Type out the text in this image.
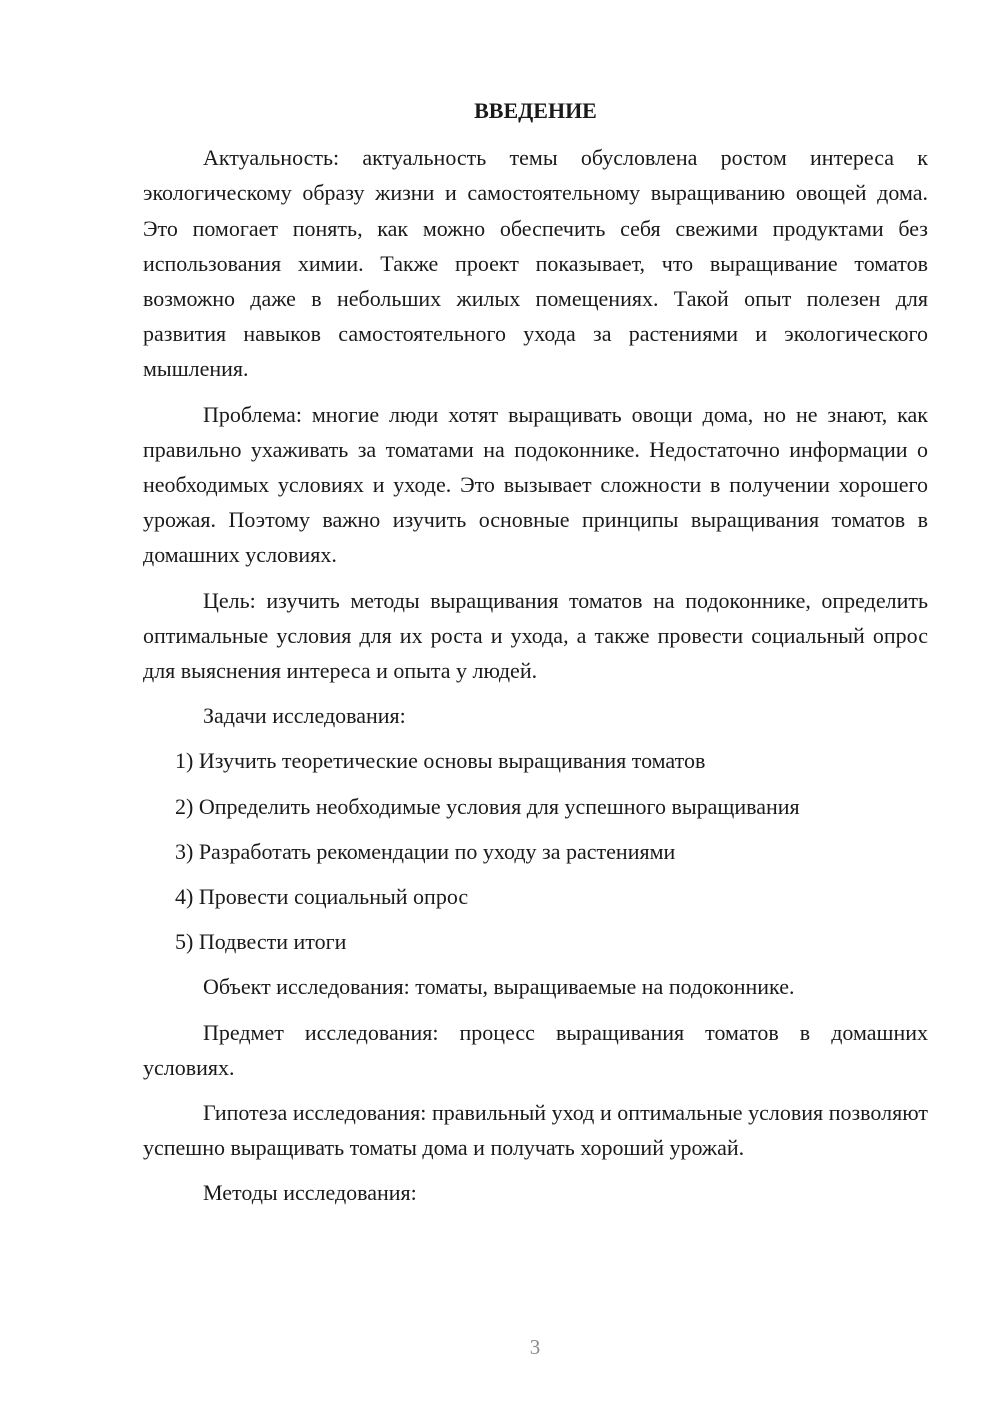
ВВЕДЕНИЕ

Актуальность: актуальность темы обусловлена ростом интереса к экологическому образу жизни и самостоятельному выращиванию овощей дома. Это помогает понять, как можно обеспечить себя свежими продуктами без использования химии. Также проект показывает, что выращивание томатов возможно даже в небольших жилых помещениях. Такой опыт полезен для развития навыков самостоятельного ухода за растениями и экологического мышления.

Проблема: многие люди хотят выращивать овощи дома, но не знают, как правильно ухаживать за томатами на подоконнике. Недостаточно информации о необходимых условиях и уходе. Это вызывает сложности в получении хорошего урожая. Поэтому важно изучить основные принципы выращивания томатов в домашних условиях.

Цель: изучить методы выращивания томатов на подоконнике, определить оптимальные условия для их роста и ухода, а также провести социальный опрос для выяснения интереса и опыта у людей.

Задачи исследования:

1) Изучить теоретические основы выращивания томатов

2) Определить необходимые условия для успешного выращивания

3) Разработать рекомендации по уходу за растениями

4) Провести социальный опрос

5) Подвести итоги

Объект исследования: томаты, выращиваемые на подоконнике.

Предмет исследования: процесс выращивания томатов в домашних условиях.

Гипотеза исследования: правильный уход и оптимальные условия позволяют успешно выращивать томаты дома и получать хороший урожай.

Методы исследования:

3
